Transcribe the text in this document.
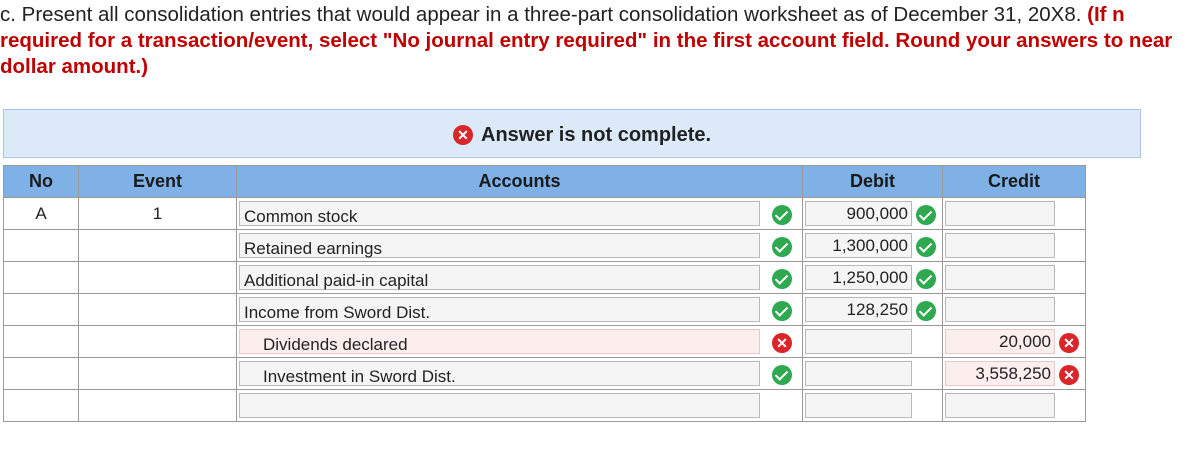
c. Present all consolidation entries that would appear in a three-part consolidation worksheet as of December 31, 20X8. (If n
required for a transaction/event, select "No journal entry required" in the first account field. Round your answers to near
dollar amount.)
✕ Answer is not complete.
No	Event	Accounts	Debit	Credit
A	1	Common stock	900,000	

		Retained earnings	1,300,000	

		Additional paid-in capital	1,250,000	

		Income from Sword Dist.	128,250	

		Dividends declared ✕		20,000 ✕

		Investment in Sword Dist.		3,558,250 ✕
